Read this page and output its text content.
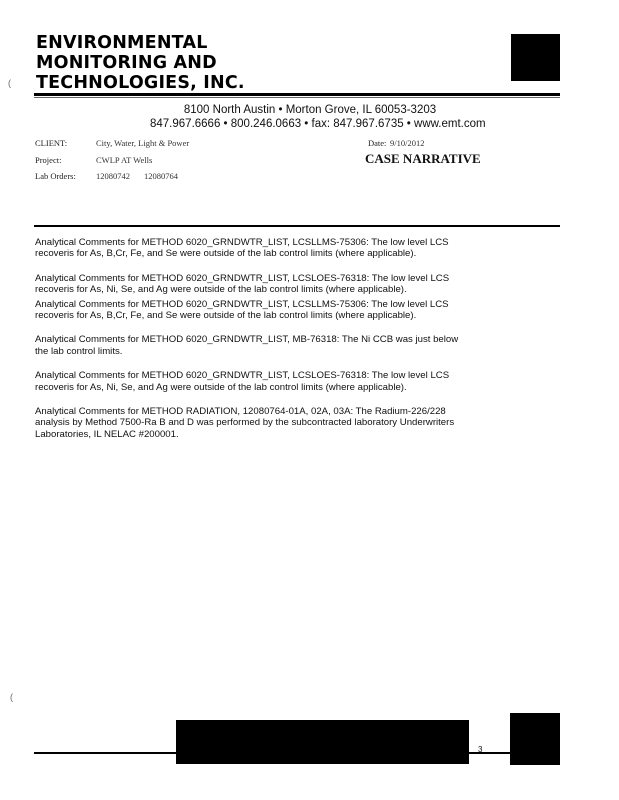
ENVIRONMENTAL
MONITORING AND
TECHNOLOGIES, INC.
(
(
8100 North Austin • Morton Grove, IL 60053-3203
847.967.6666 • 800.246.0663 • fax: 847.967.6735 • www.emt.com
CLIENT:	City, Water, Light & Power
Project:	CWLP AT Wells
Lab Orders: 12080742 12080764
Date: 9/10/2012
CASE NARRATIVE

Analytical Comments for METHOD 6020_GRNDWTR_LIST, LCSLLMS-75306: The low level LCS
recoveris for As, B,Cr, Fe, and Se were outside of the lab control limits (where applicable).

Analytical Comments for METHOD 6020_GRNDWTR_LIST, LCSLOES-76318: The low level LCS
recoveris for As, Ni, Se, and Ag were outside of the lab control limits (where applicable).

Analytical Comments for METHOD 6020_GRNDWTR_LIST, LCSLLMS-75306: The low level LCS
recoveris for As, B,Cr, Fe, and Se were outside of the lab control limits (where applicable).

Analytical Comments for METHOD 6020_GRNDWTR_LIST, MB-76318: The Ni CCB was just below
the lab control limits.

Analytical Comments for METHOD 6020_GRNDWTR_LIST, LCSLOES-76318: The low level LCS
recoveris for As, Ni, Se, and Ag were outside of the lab control limits (where applicable).

Analytical Comments for METHOD RADIATION, 12080764-01A, 02A, 03A: The Radium-226/228
analysis by Method 7500-Ra B and D was performed by the subcontracted laboratory Underwriters
Laboratories, IL NELAC #200001.

3
